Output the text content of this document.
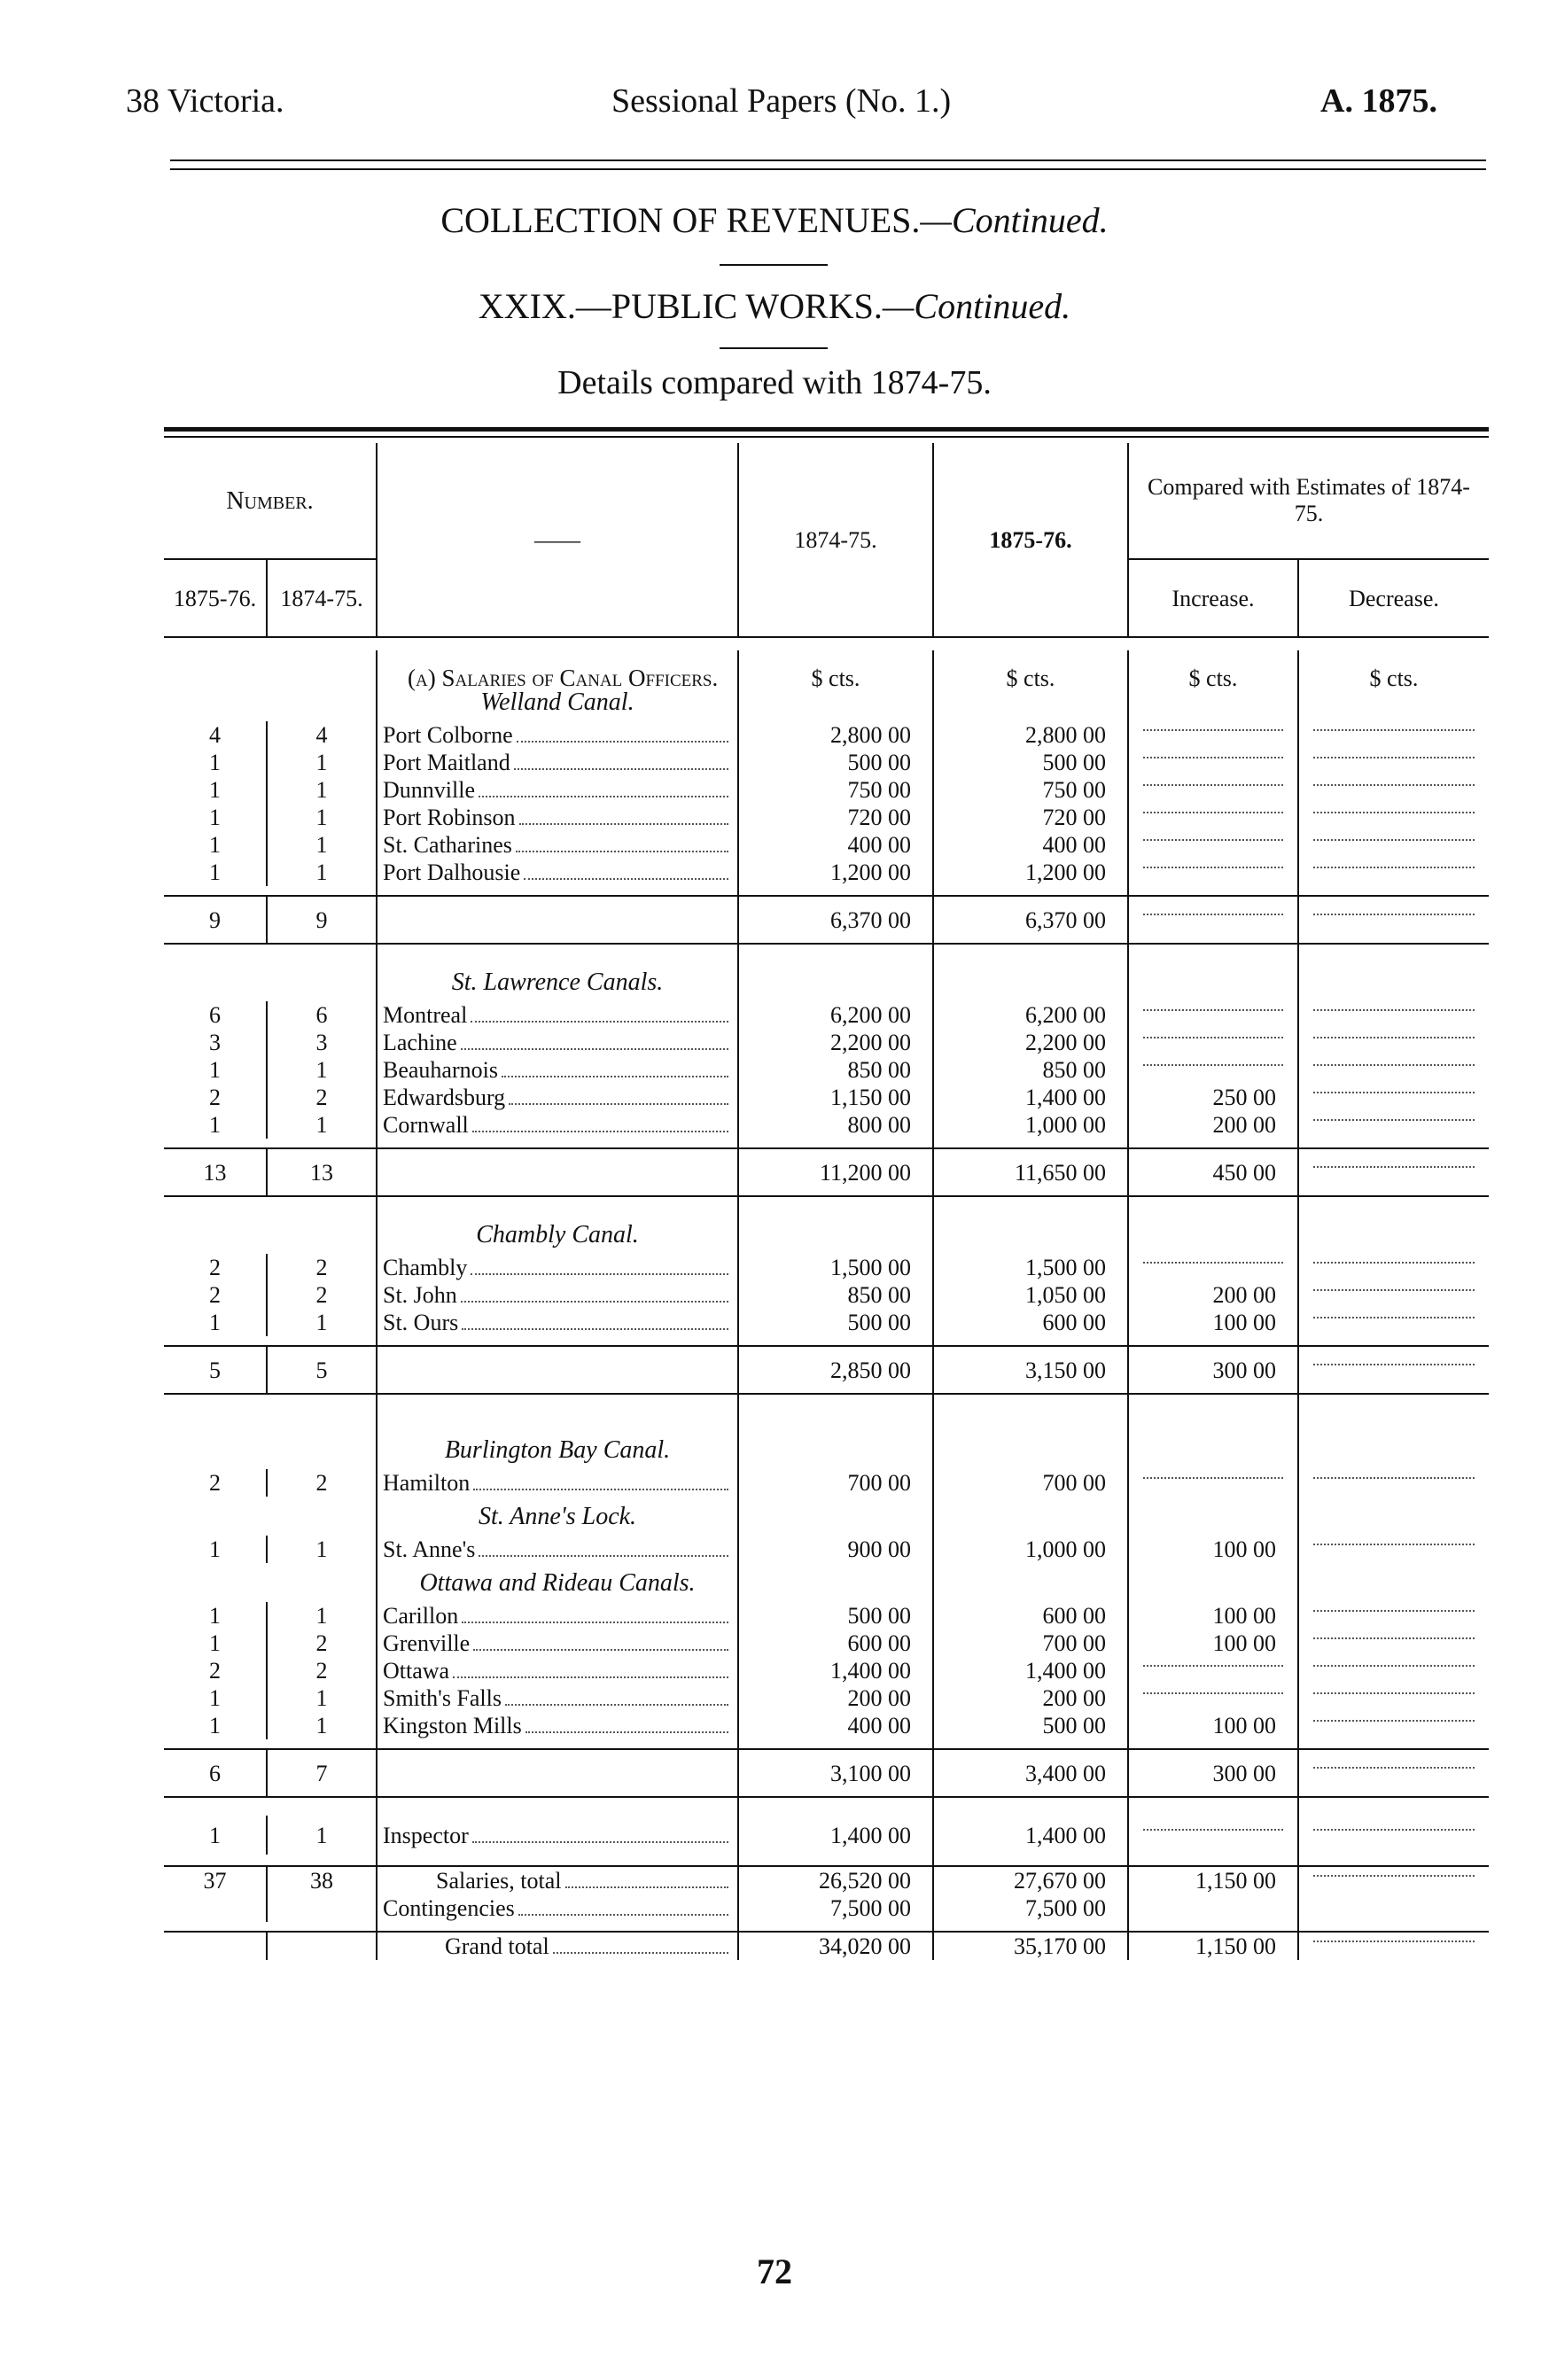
38 Victoria.	Sessional Papers (No. 1.)	A. 1875.
COLLECTION OF REVENUES.—Continued.
XXIX.—PUBLIC WORKS.—Continued.
Details compared with 1874-75.
Number.		——	1874-75.	1875-76.	Compared with Estimates of 1874-75.	
1875-76.	1874-75.				Increase.	Decrease.

		(a) Salaries of Canal Officers.	$ cts.	$ cts.	$ cts.	$ cts.
		Welland Canal.				
4	4	Port Colborne	2,800 00	2,800 00	

1	1	Port Maitland	500 00	500 00	

1	1	Dunnville	750 00	750 00	

1	1	Port Robinson	720 00	720 00	

1	1	St. Catharines	400 00	400 00	

1	1	Port Dalhousie	1,200 00	1,200 00	

9	9		6,370 00	6,370 00	

		St. Lawrence Canals.				
6	6	Montreal	6,200 00	6,200 00	

3	3	Lachine	2,200 00	2,200 00	

1	1	Beauharnois	850 00	850 00	

2	2	Edwardsburg	1,150 00	1,400 00	250 00	

1	1	Cornwall	800 00	1,000 00	200 00	

13	13		11,200 00	11,650 00	450 00	

		Chambly Canal.				
2	2	Chambly	1,500 00	1,500 00	

2	2	St. John	850 00	1,050 00	200 00	

1	1	St. Ours	500 00	600 00	100 00	

5	5		2,850 00	3,150 00	300 00	

		Burlington Bay Canal.				
2	2	Hamilton	700 00	700 00	

		St. Anne's Lock.				
1	1	St. Anne's	900 00	1,000 00	100 00	

		Ottawa and Rideau Canals.				
1	1	Carillon	500 00	600 00	100 00	

1	2	Grenville	600 00	700 00	100 00	

2	2	Ottawa	1,400 00	1,400 00	

1	1	Smith's Falls	200 00	200 00	

1	1	Kingston Mills	400 00	500 00	100 00	

6	7		3,100 00	3,400 00	300 00	

1	1	Inspector	1,400 00	1,400 00	

37	38	Salaries, total	26,520 00	27,670 00	1,150 00	

		Contingencies	7,500 00	7,500 00		

		Grand total	34,020 00	35,170 00	1,150 00	
72
